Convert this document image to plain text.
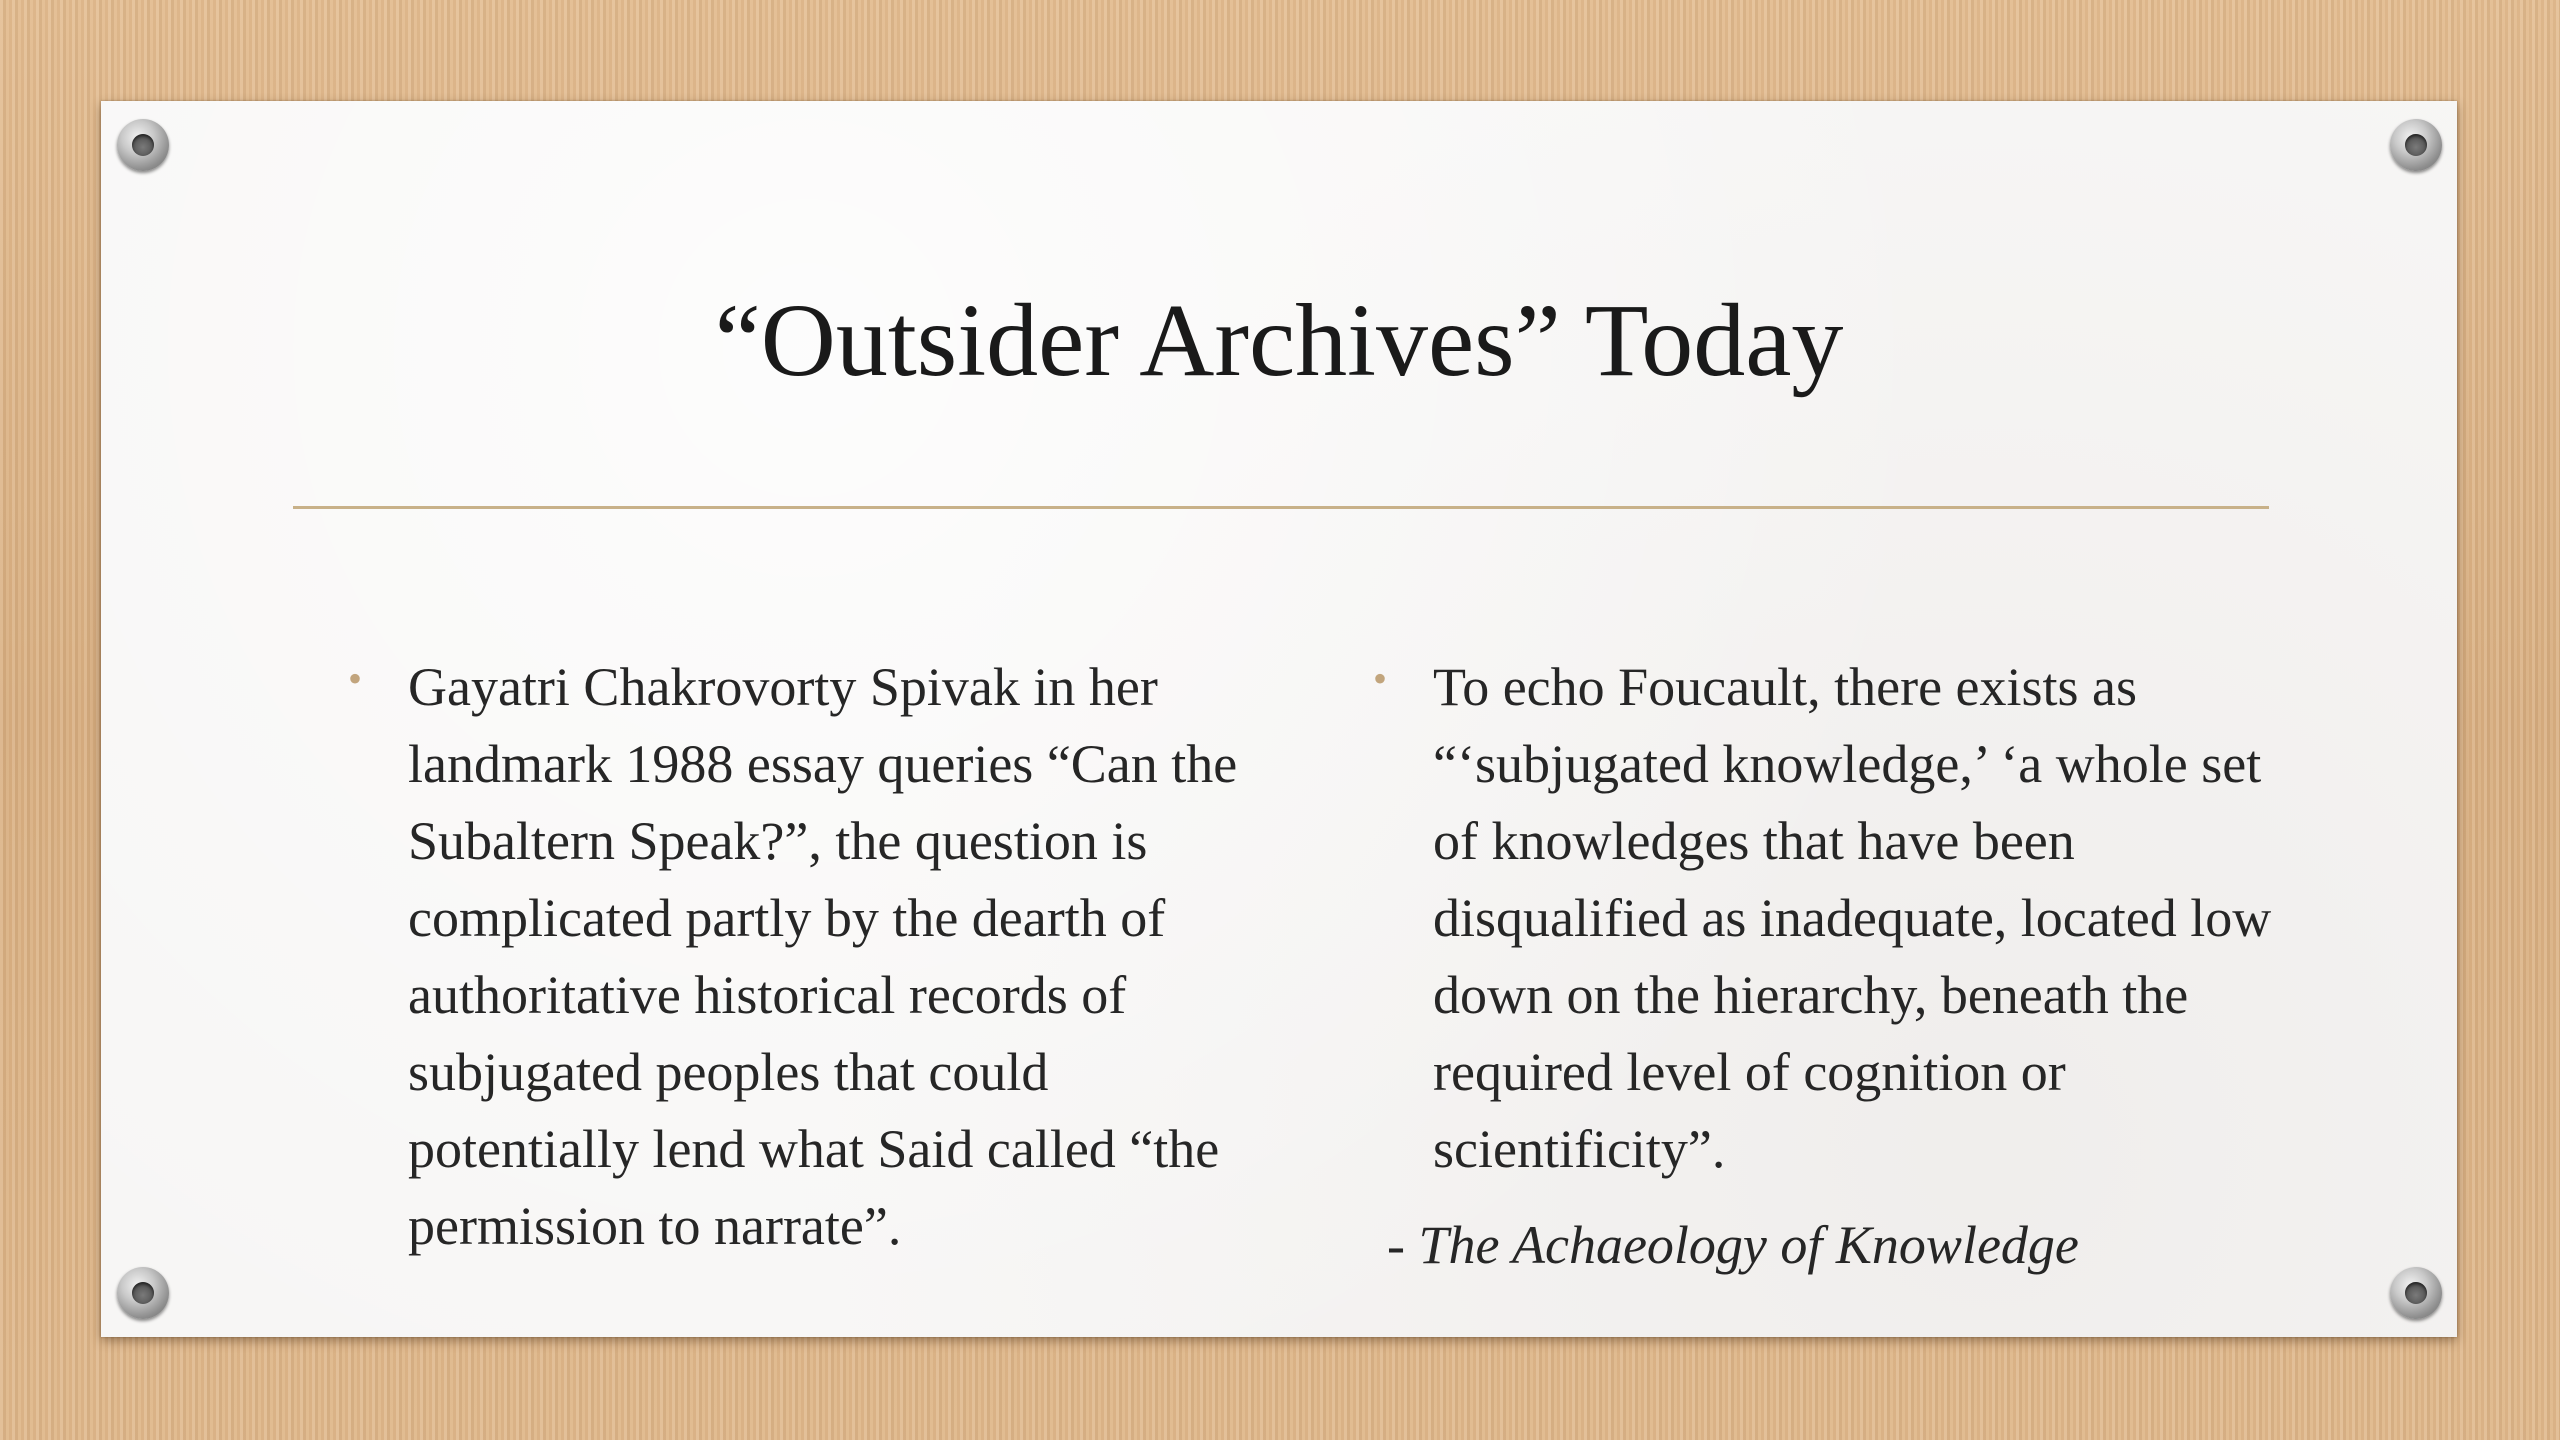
“Outsider Archives” Today
• Gayatri Chakrovorty Spivak in her landmark 1988 essay queries “Can the Subaltern Speak?”, the question is complicated partly by the dearth of authoritative historical records of subjugated peoples that could potentially lend what Said called “the permission to narrate”.
• To echo Foucault, there exists as “‘subjugated knowledge,’ ‘a whole set of knowledges that have been disqualified as inadequate, located low down on the hierarchy, beneath the required level of cognition or scientificity”.
- The Achaeology of Knowledge
